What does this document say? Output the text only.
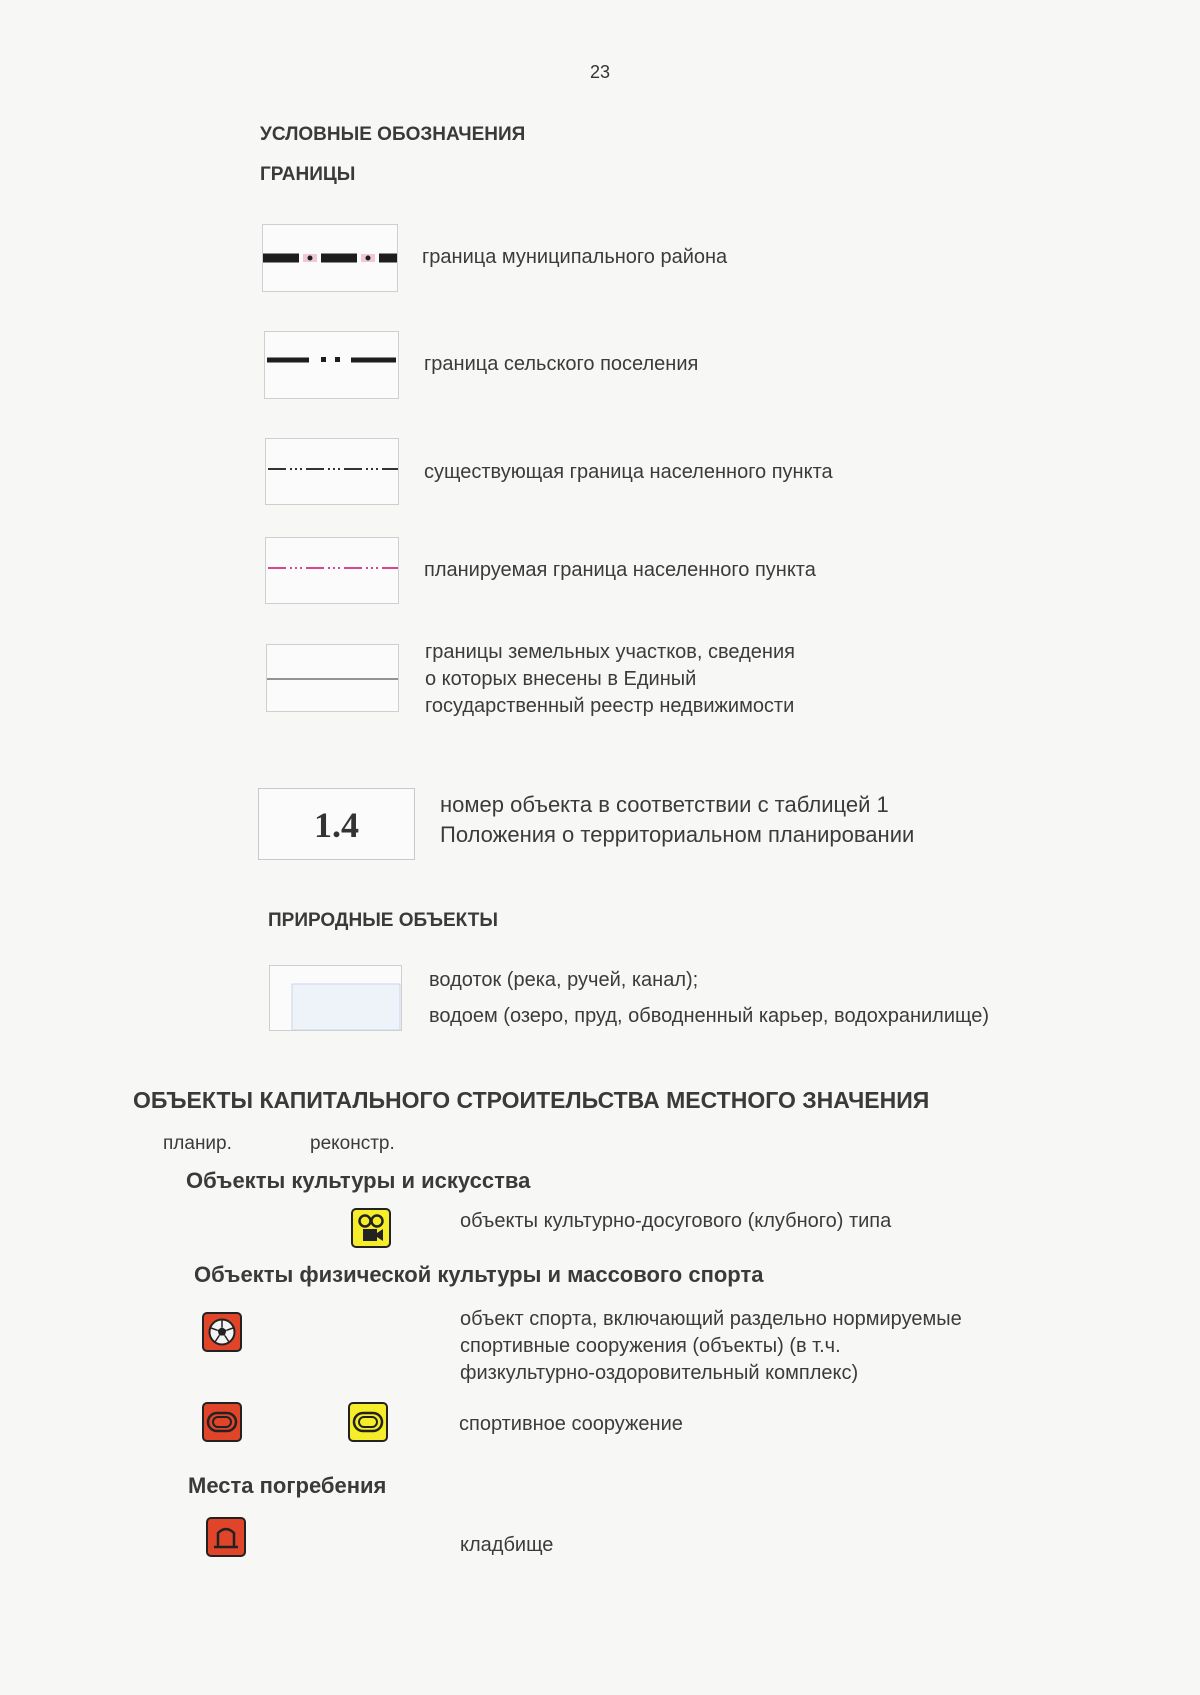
23
УСЛОВНЫЕ ОБОЗНАЧЕНИЯ
ГРАНИЦЫ
граница муниципального района
граница сельского поселения
существующая граница населенного пункта
планируемая граница населенного пункта
границы земельных участков, сведения
о которых внесены в Единый
государственный реестр недвижимости
1.4
номер объекта в соответствии с таблицей 1
Положения о территориальном планировании
ПРИРОДНЫЕ ОБЪЕКТЫ
водоток (река, ручей, канал);
водоем (озеро, пруд, обводненный карьер, водохранилище)
ОБЪЕКТЫ КАПИТАЛЬНОГО СТРОИТЕЛЬСТВА МЕСТНОГО ЗНАЧЕНИЯ
планир.	реконстр.
Объекты культуры и искусства
объекты культурно-досугового (клубного) типа
Объекты физической культуры и массового спорта
объект спорта, включающий раздельно нормируемые
спортивные сооружения (объекты) (в т.ч.
физкультурно-оздоровительный комплекс)
спортивное сооружение
Места погребения
кладбище
